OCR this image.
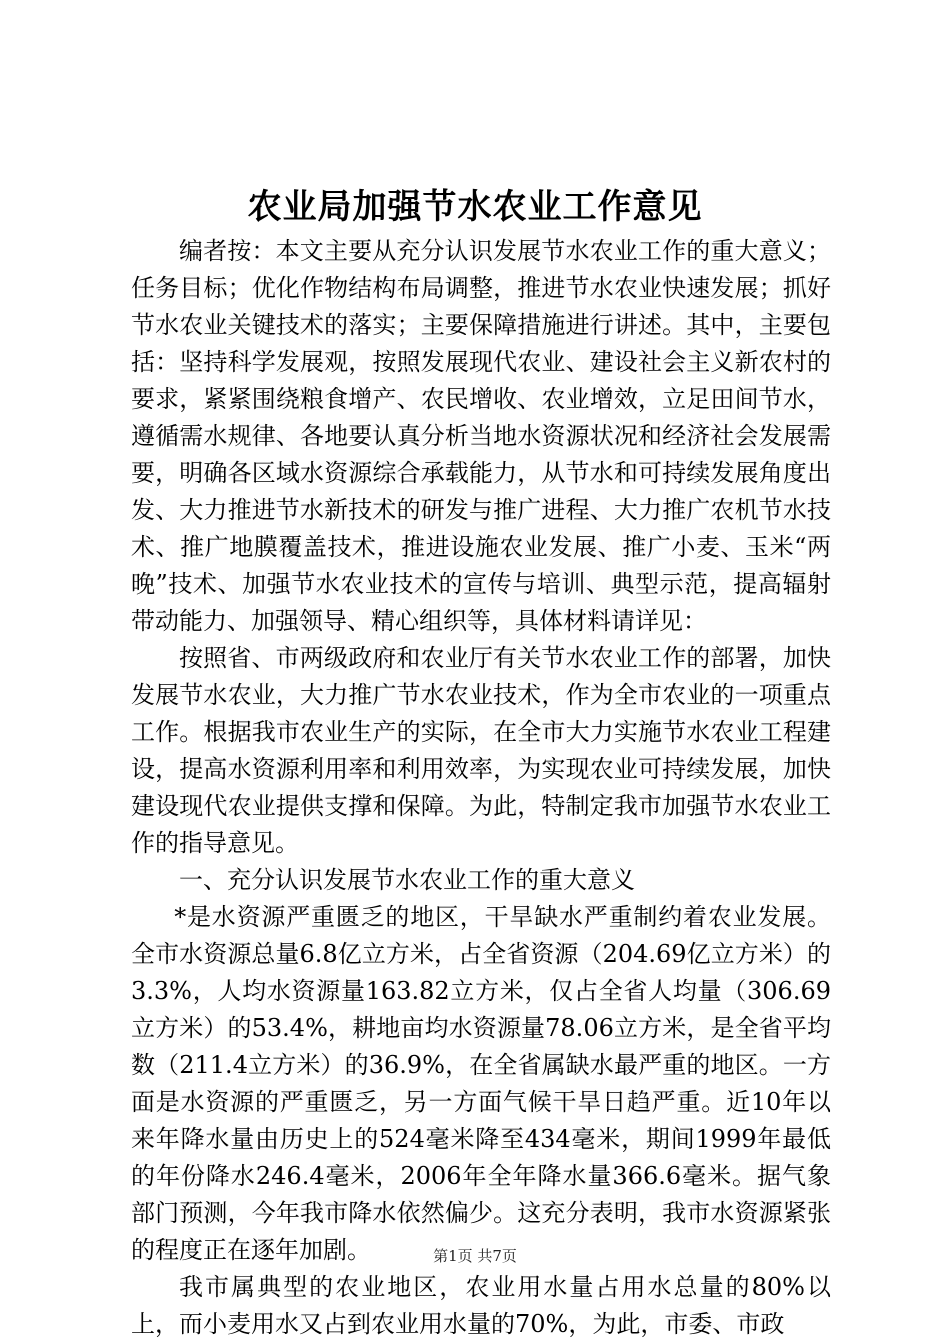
农业局加强节水农业工作意见

编者按：本文主要从充分认识发展节水农业工作的重大意义；任务目标；优化作物结构布局调整，推进节水农业快速发展；抓好节水农业关键技术的落实；主要保障措施进行讲述。其中，主要包括：坚持科学发展观，按照发展现代农业、建设社会主义新农村的要求，紧紧围绕粮食增产、农民增收、农业增效，立足田间节水，遵循需水规律、各地要认真分析当地水资源状况和经济社会发展需要，明确各区域水资源综合承载能力，从节水和可持续发展角度出发、大力推进节水新技术的研发与推广进程、大力推广农机节水技术、推广地膜覆盖技术，推进设施农业发展、推广小麦、玉米“两晚”技术、加强节水农业技术的宣传与培训、典型示范，提高辐射带动能力、加强领导、精心组织等，具体材料请详见：

按照省、市两级政府和农业厅有关节水农业工作的部署，加快发展节水农业，大力推广节水农业技术，作为全市农业的一项重点工作。根据我市农业生产的实际，在全市大力实施节水农业工程建设，提高水资源利用率和利用效率，为实现农业可持续发展，加快建设现代农业提供支撑和保障。为此，特制定我市加强节水农业工作的指导意见。

一、充分认识发展节水农业工作的重大意义

*是水资源严重匮乏的地区，干旱缺水严重制约着农业发展。全市水资源总量6.8亿立方米，占全省资源（204.69亿立方米）的3.3%，人均水资源量163.82立方米，仅占全省人均量（306.69立方米）的53.4%，耕地亩均水资源量78.06立方米，是全省平均数（211.4立方米）的36.9%，在全省属缺水最严重的地区。一方面是水资源的严重匮乏，另一方面气候干旱日趋严重。近10年以来年降水量由历史上的524毫米降至434毫米，期间1999年最低的年份降水246.4毫米，2006年全年降水量366.6毫米。据气象部门预测，今年我市降水依然偏少。这充分表明，我市水资源紧张的程度正在逐年加剧。

我市属典型的农业地区，农业用水量占用水总量的80%以上，而小麦用水又占到农业用水量的70%，为此，市委、市政

第1页 共7页
